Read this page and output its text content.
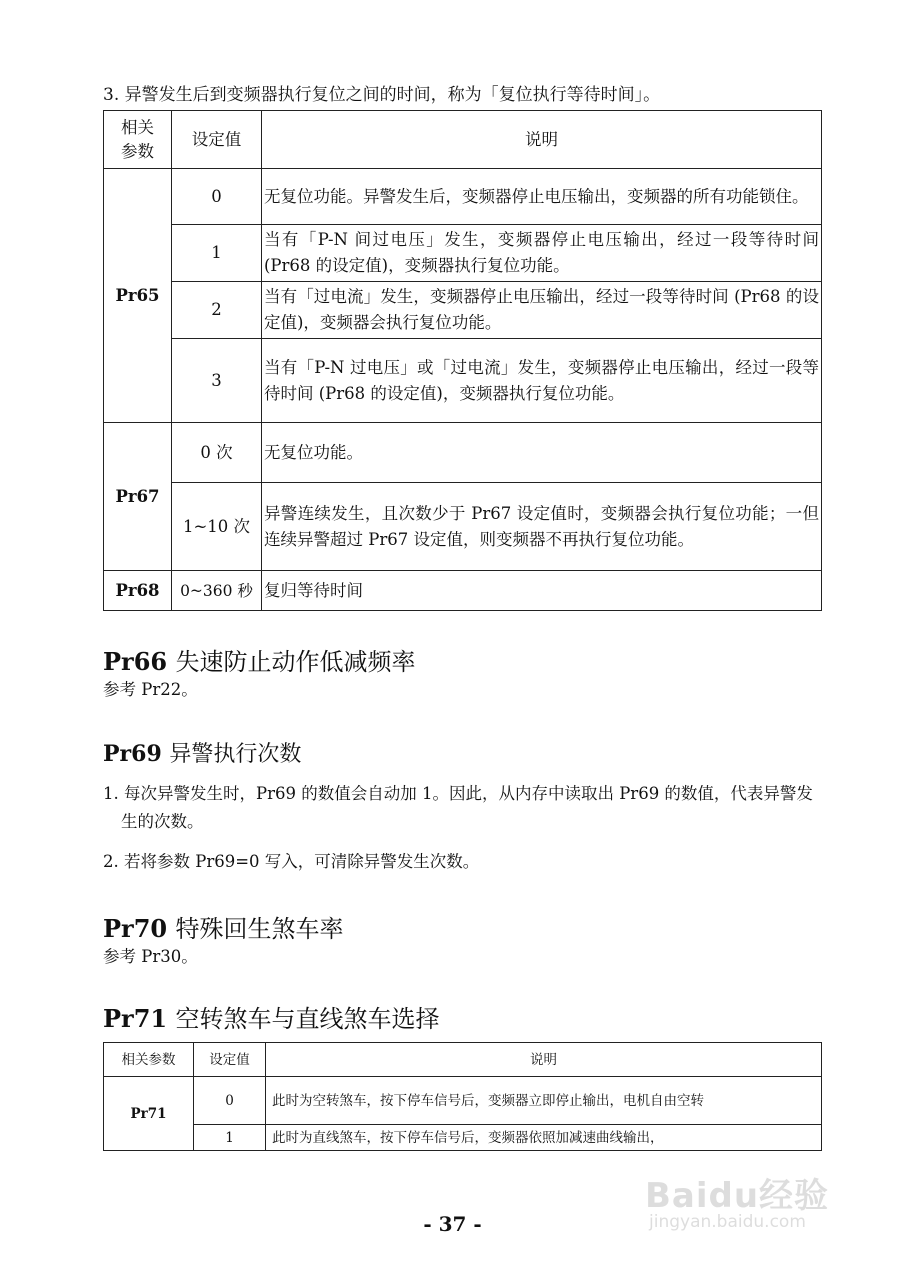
3. 异警发生后到变频器执行复位之间的时间，称为「复位执行等待时间」。

相关参数	设定值	说明
Pr65	0	无复位功能。异警发生后，变频器停止电压输出，变频器的所有功能锁住。
	1	当有「P-N 间过电压」发生，变频器停止电压输出，经过一段等待时间 (Pr68 的设定值)，变频器执行复位功能。
	2	当有「过电流」发生，变频器停止电压输出，经过一段等待时间 (Pr68 的设定值)，变频器会执行复位功能。
	3	当有「P-N 过电压」或「过电流」发生，变频器停止电压输出，经过一段等待时间 (Pr68 的设定值)，变频器执行复位功能。
Pr67	0 次	无复位功能。
	1~10 次	异警连续发生，且次数少于 Pr67 设定值时，变频器会执行复位功能；一但连续异警超过 Pr67 设定值，则变频器不再执行复位功能。
Pr68	0~360 秒	复归等待时间
Pr66 失速防止动作低减频率

参考 Pr22。

Pr69 异警执行次数

1. 每次异警发生时，Pr69 的数值会自动加 1。因此，从内存中读取出 Pr69 的数值，代表异警发生的次数。

2. 若将参数 Pr69=0 写入，可清除异警发生次数。

Pr70 特殊回生煞车率

参考 Pr30。

Pr71 空转煞车与直线煞车选择
相关参数	设定值	说明
Pr71	0	此时为空转煞车，按下停车信号后，变频器立即停止输出，电机自由空转
	1	此时为直线煞车，按下停车信号后，变频器依照加减速曲线输出，
- 37 -
Baidu经验
jingyan.baidu.com
